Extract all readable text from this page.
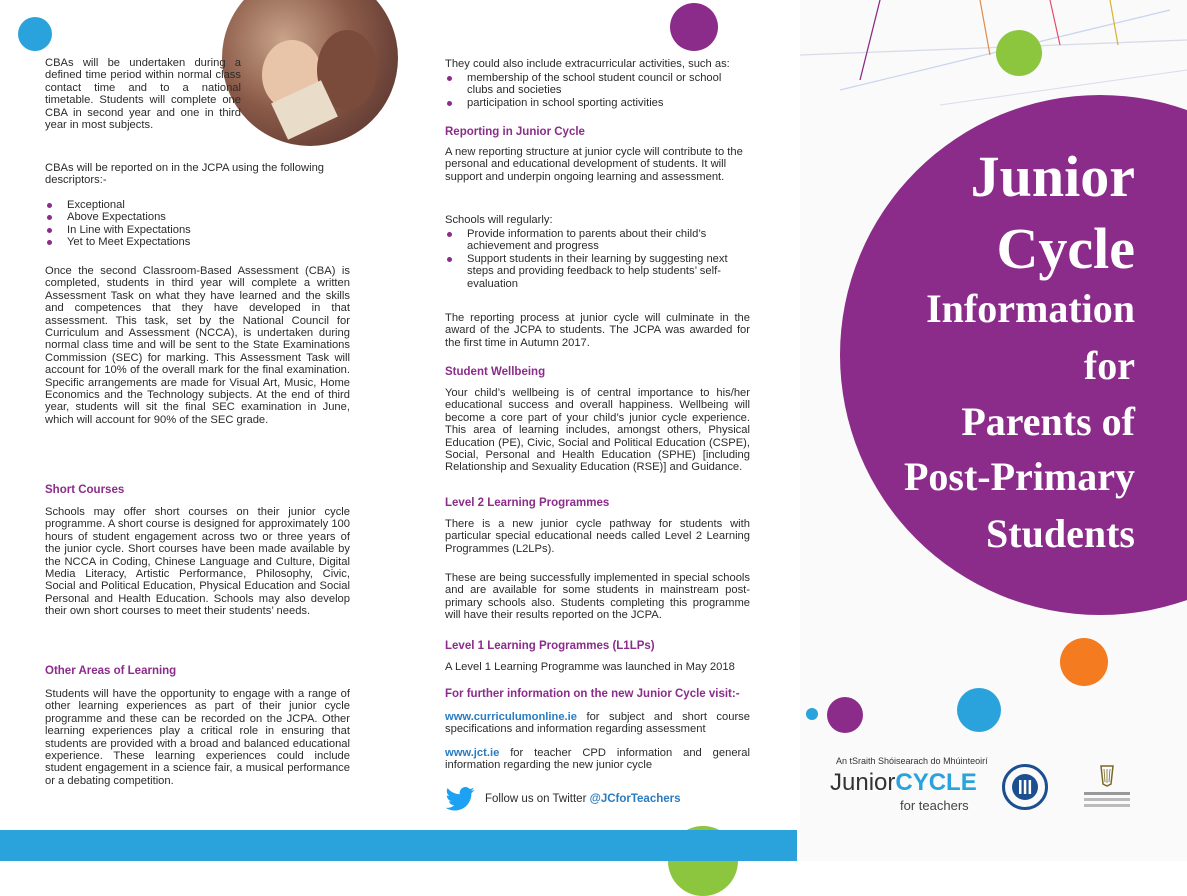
CBAs will be undertaken during a defined time period within normal class contact time and to a national timetable. Students will complete one CBA in second year and one in third year in most subjects.
CBAs will be reported on in the JCPA using the following descriptors:-
Exceptional
Above Expectations
In Line with Expectations
Yet to Meet Expectations
Once the second Classroom-Based Assessment (CBA) is completed, students in third year will complete a written Assessment Task on what they have learned and the skills and competences that they have developed in that assessment. This task, set by the National Council for Curriculum and Assessment (NCCA), is undertaken during normal class time and will be sent to the State Examinations Commission (SEC) for marking. This Assessment Task will account for 10% of the overall mark for the final examination. Specific arrangements are made for Visual Art, Music, Home Economics and the Technology subjects. At the end of third year, students will sit the final SEC examination in June, which will account for 90% of the SEC grade.
Short Courses
Schools may offer short courses on their junior cycle programme. A short course is designed for approximately 100 hours of student engagement across two or three years of the junior cycle. Short courses have been made available by the NCCA in Coding, Chinese Language and Culture, Digital Media Literacy, Artistic Performance, Philosophy, Civic, Social and Political Education, Physical Education and Social Personal and Health Education. Schools may also develop their own short courses to meet their students’ needs.
Other Areas of Learning
Students will have the opportunity to engage with a range of other learning experiences as part of their junior cycle programme and these can be recorded on the JCPA. Other learning experiences play a critical role in ensuring that students are provided with a broad and balanced educational experience. These learning experiences could include student engagement in a science fair, a musical performance or a debating competition.
They could also include extracurricular activities, such as:
membership of the school student council or school clubs and societies
participation in school sporting activities
Reporting in Junior Cycle
A new reporting structure at junior cycle will contribute to the personal and educational development of students. It will support and underpin ongoing learning and assessment.
Schools will regularly:
Provide information to parents about their child’s achievement and progress
Support students in their learning by suggesting next steps and providing feedback to help students’ self-evaluation
The reporting process at junior cycle will culminate in the award of the JCPA to students. The JCPA was awarded for the first time in Autumn 2017.
Student Wellbeing
Your child’s wellbeing is of central importance to his/her educational success and overall happiness. Wellbeing will become a core part of your child’s junior cycle experience. This area of learning includes, amongst others, Physical Education (PE), Civic, Social and Political Education (CSPE), Social, Personal and Health Education (SPHE) [including Relationship and Sexuality Education (RSE)] and Guidance.
Level 2 Learning Programmes
There is a new junior cycle pathway for students with particular special educational needs called Level 2 Learning Programmes (L2LPs).
These are being successfully implemented in special schools and are available for some students in mainstream post-primary schools also. Students completing this programme will have their results reported on the JCPA.
Level 1 Learning Programmes (L1LPs)
A Level 1 Learning Programme was launched in May 2018
For further information on the new Junior Cycle visit:-
www.curriculumonline.ie for subject and short course specifications and information regarding assessment
www.jct.ie for teacher CPD information and general information regarding the new junior cycle
Follow us on Twitter @JCforTeachers
Junior
Cycle
Information
for
Parents of
Post-Primary
Students
An tSraith Shóisearach do Mhúinteoirí
JuniorCYCLE
for teachers
